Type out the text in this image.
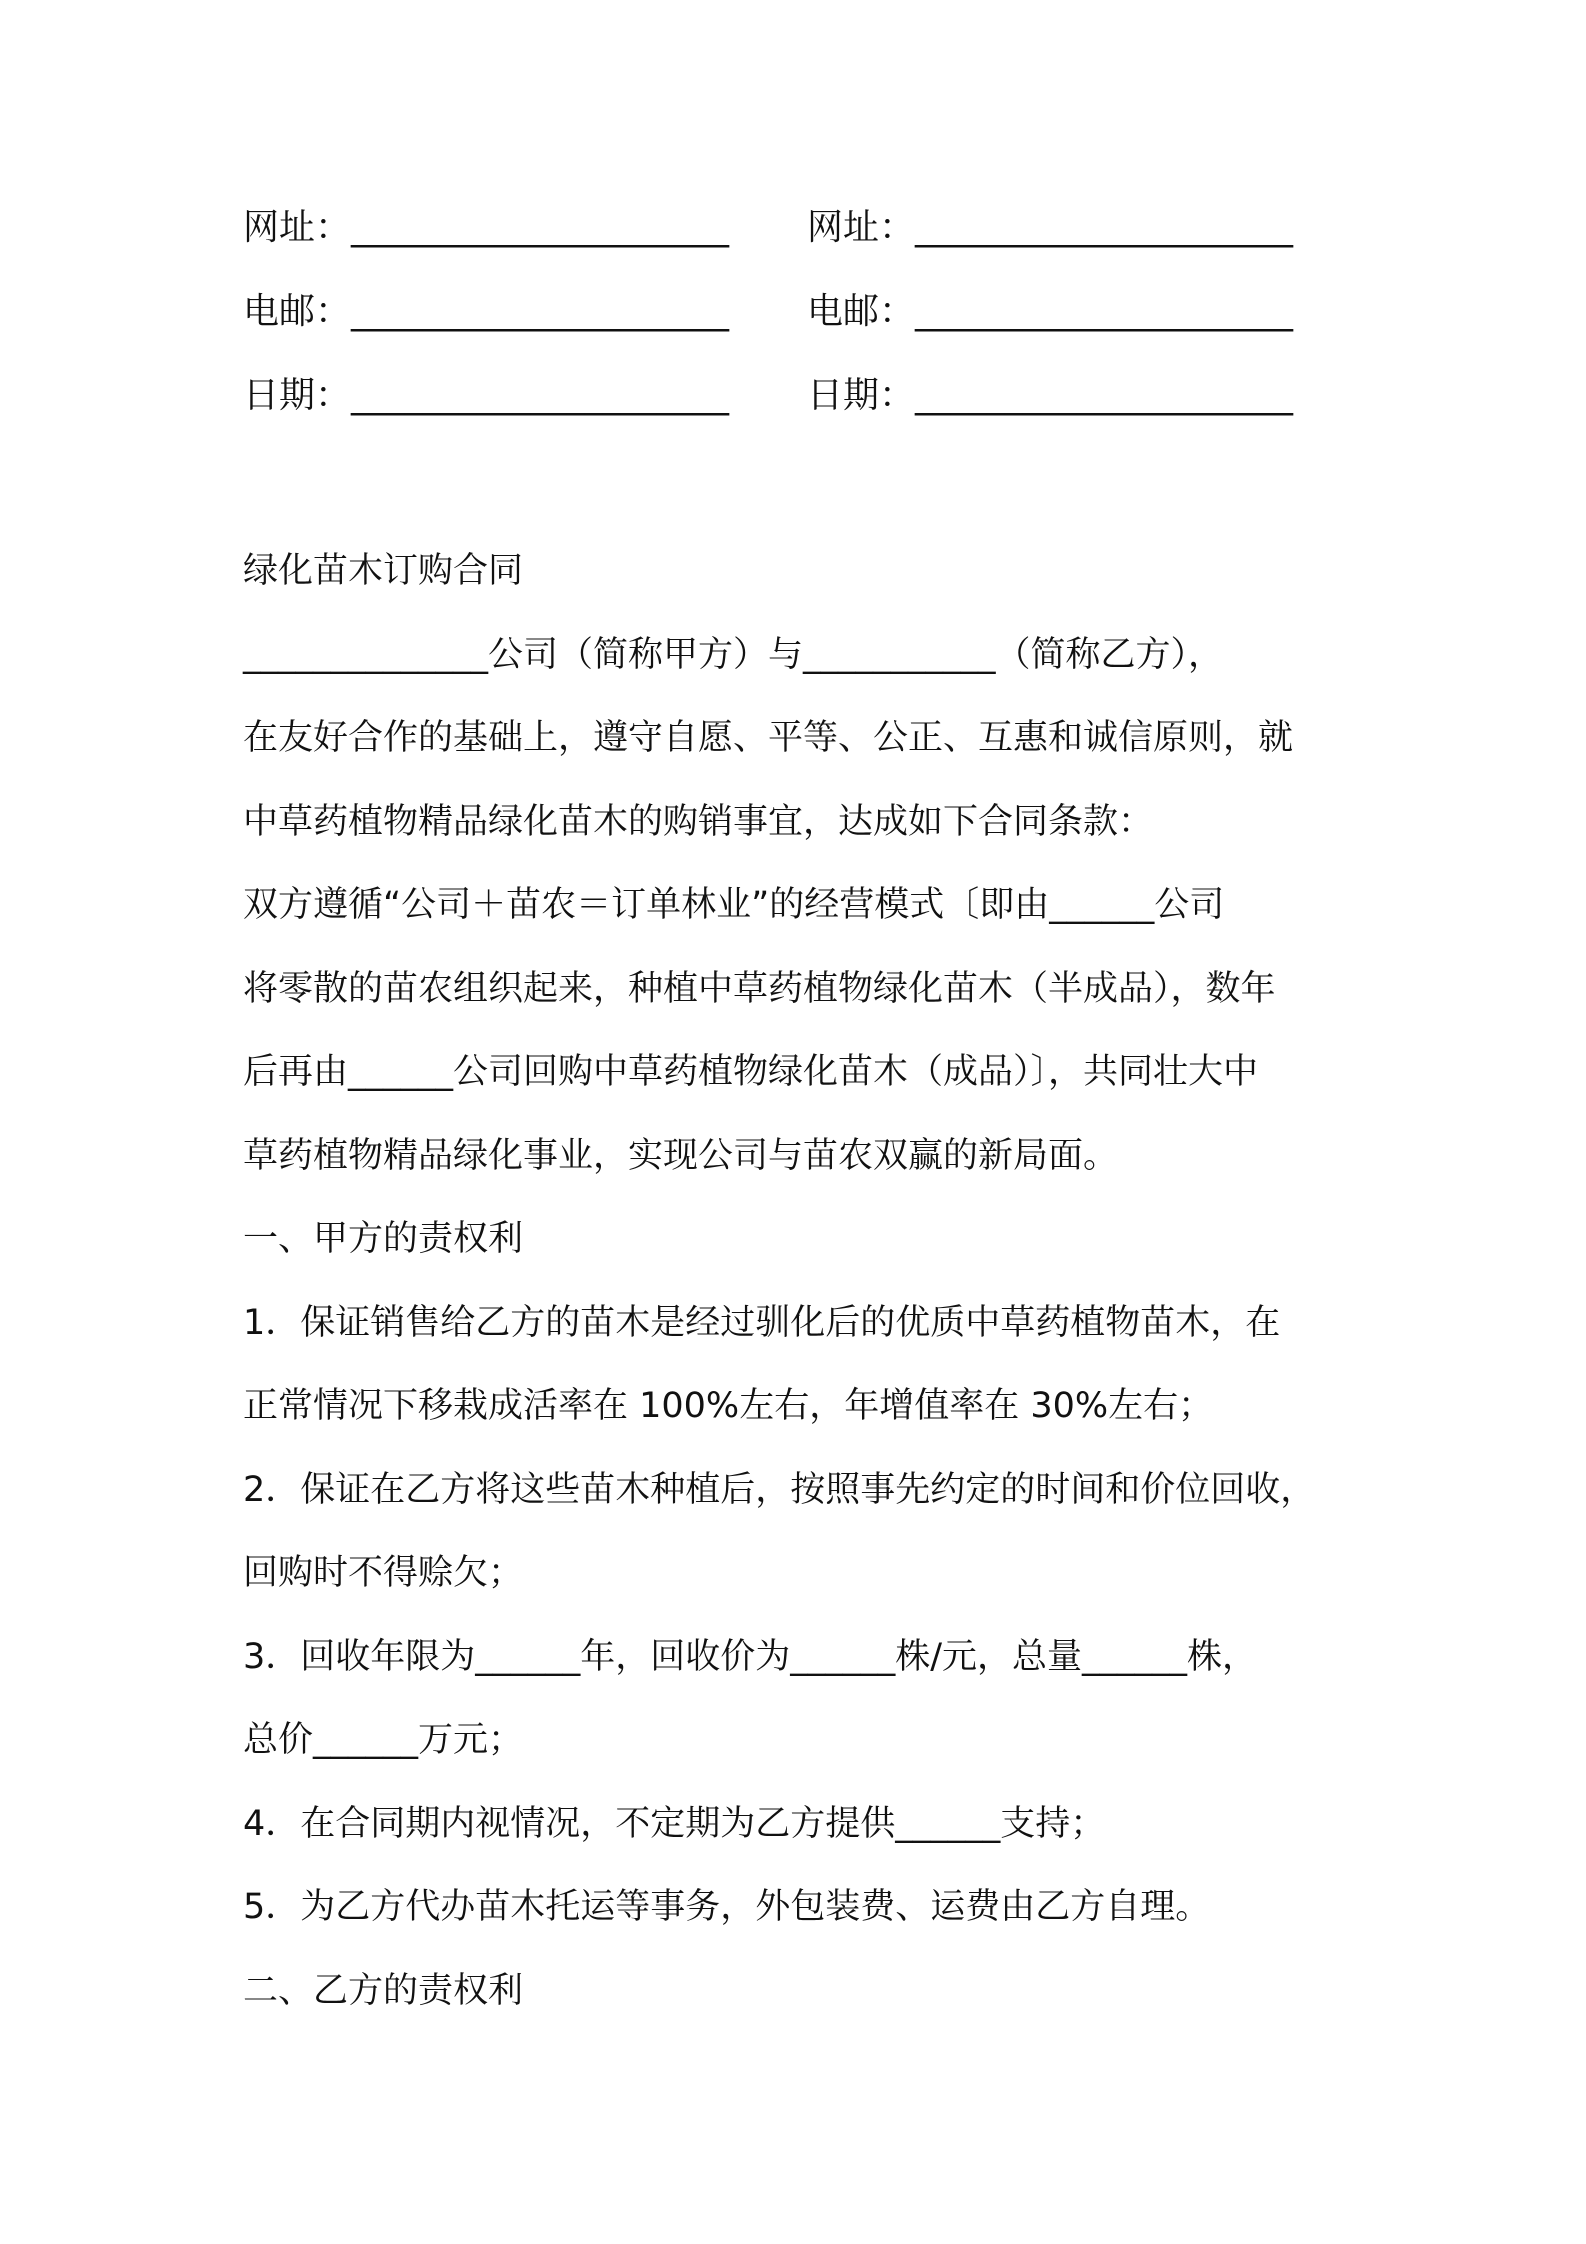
网址：_____________________ 网址：_____________________
电邮：_____________________ 电邮：_____________________
日期：_____________________ 日期：_____________________
绿化苗木订购合同
______________公司（简称甲方）与___________（简称乙方），
在友好合作的基础上，遵守自愿、平等、公正、互惠和诚信原则，就
中草药植物精品绿化苗木的购销事宜，达成如下合同条款：
双方遵循“公司＋苗农＝订单林业”的经营模式〔即由______公司
将零散的苗农组织起来，种植中草药植物绿化苗木（半成品），数年
后再由______公司回购中草药植物绿化苗木（成品）〕，共同壮大中
草药植物精品绿化事业，实现公司与苗农双赢的新局面。
一、甲方的责权利
1．保证销售给乙方的苗木是经过驯化后的优质中草药植物苗木，在
正常情况下移栽成活率在 100%左右，年增值率在 30%左右；
2．保证在乙方将这些苗木种植后，按照事先约定的时间和价位回收，
回购时不得赊欠；
3．回收年限为______年，回收价为______株/元，总量______株，
总价______万元；
4．在合同期内视情况，不定期为乙方提供______支持；
5．为乙方代办苗木托运等事务，外包装费、运费由乙方自理。
二、乙方的责权利
